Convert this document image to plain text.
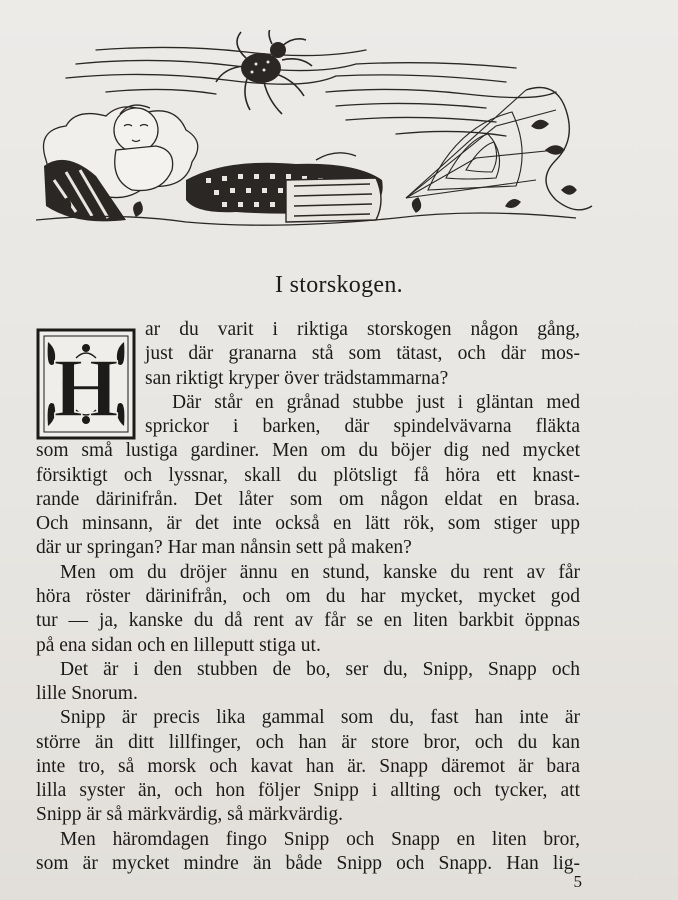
I storskogen.
H
ar du varit i riktiga storskogen någon gång,
just där granarna stå som tätast, och där mos-
san riktigt kryper över trädstammarna?
Där står en grånad stubbe just i gläntan med
sprickor i barken, där spindelvävarna fläkta
som små lustiga gardiner. Men om du böjer dig ned mycket
försiktigt och lyssnar, skall du plötsligt få höra ett knast-
rande därinifrån. Det låter som om någon eldat en brasa.
Och minsann, är det inte också en lätt rök, som stiger upp
där ur springan? Har man nånsin sett på maken?
Men om du dröjer ännu en stund, kanske du rent av får
höra röster därinifrån, och om du har mycket, mycket god
tur — ja, kanske du då rent av får se en liten barkbit öppnas
på ena sidan och en lilleputt stiga ut.
Det är i den stubben de bo, ser du, Snipp, Snapp och
lille Snorum.
Snipp är precis lika gammal som du, fast han inte är
större än ditt lillfinger, och han är store bror, och du kan
inte tro, så morsk och kavat han är. Snapp däremot är bara
lilla syster än, och hon följer Snipp i allting och tycker, att
Snipp är så märkvärdig, så märkvärdig.
Men häromdagen fingo Snipp och Snapp en liten bror,
som är mycket mindre än både Snipp och Snapp. Han lig-
5
